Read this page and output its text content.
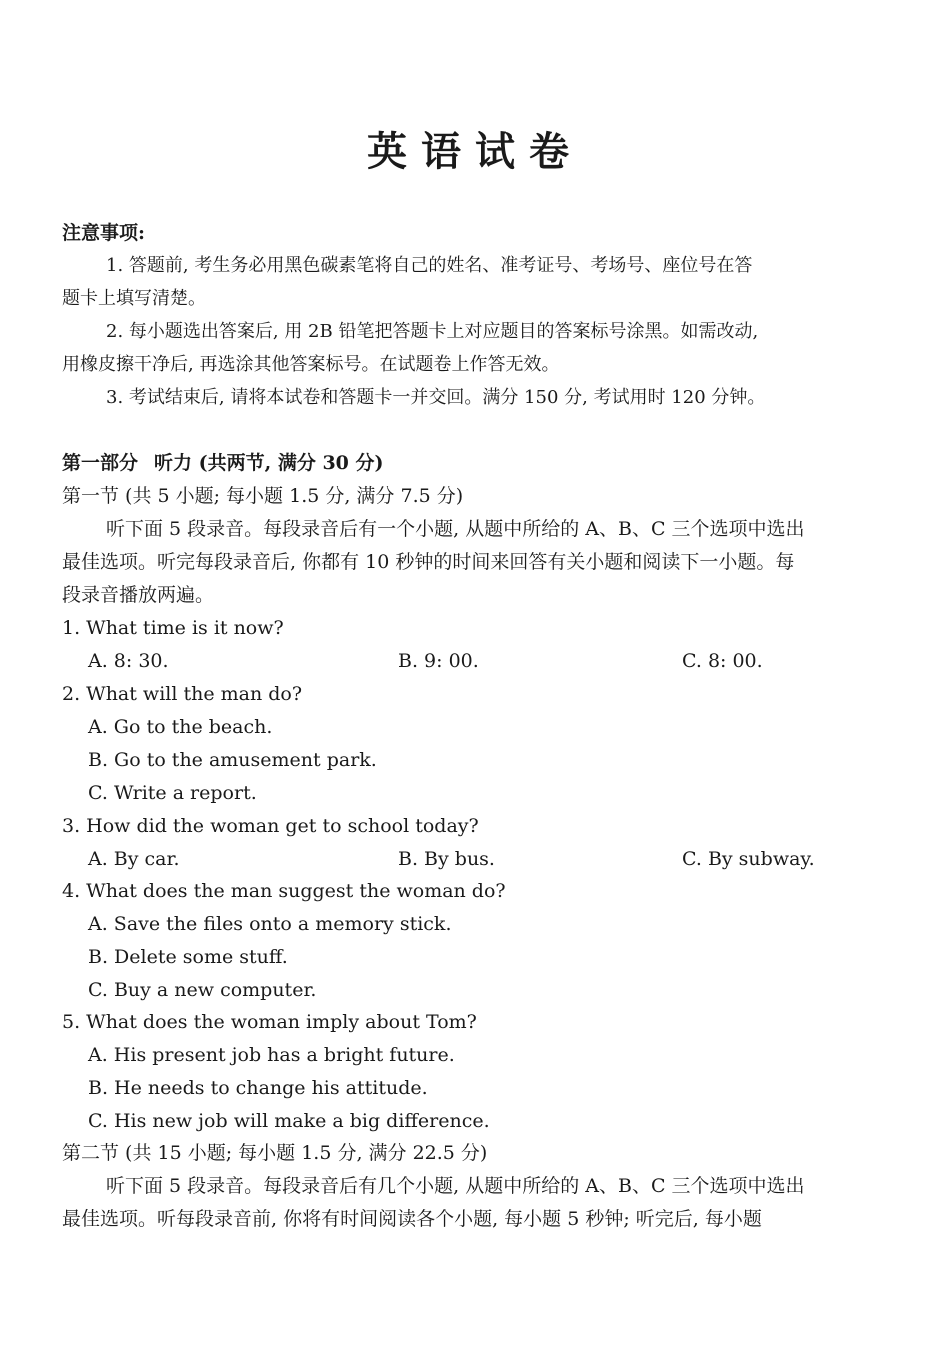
英语试卷
注意事项:
1. 答题前, 考生务必用黑色碳素笔将自己的姓名、准考证号、考场号、座位号在答
题卡上填写清楚。
2. 每小题选出答案后, 用 2B 铅笔把答题卡上对应题目的答案标号涂黑。如需改动,
用橡皮擦干净后, 再选涂其他答案标号。在试题卷上作答无效。
3. 考试结束后, 请将本试卷和答题卡一并交回。满分 150 分, 考试用时 120 分钟。
第一部分 听力 (共两节, 满分 30 分)
第一节 (共 5 小题; 每小题 1.5 分, 满分 7.5 分)
听下面 5 段录音。每段录音后有一个小题, 从题中所给的 A、B、C 三个选项中选出
最佳选项。听完每段录音后, 你都有 10 秒钟的时间来回答有关小题和阅读下一小题。每
段录音播放两遍。
1. What time is it now?
A. 8: 30.	B. 9: 00.	C. 8: 00.
2. What will the man do?
A. Go to the beach.
B. Go to the amusement park.
C. Write a report.
3. How did the woman get to school today?
A. By car.	B. By bus.	C. By subway.
4. What does the man suggest the woman do?
A. Save the files onto a memory stick.
B. Delete some stuff.
C. Buy a new computer.
5. What does the woman imply about Tom?
A. His present job has a bright future.
B. He needs to change his attitude.
C. His new job will make a big difference.
第二节 (共 15 小题; 每小题 1.5 分, 满分 22.5 分)
听下面 5 段录音。每段录音后有几个小题, 从题中所给的 A、B、C 三个选项中选出
最佳选项。听每段录音前, 你将有时间阅读各个小题, 每小题 5 秒钟; 听完后, 每小题
